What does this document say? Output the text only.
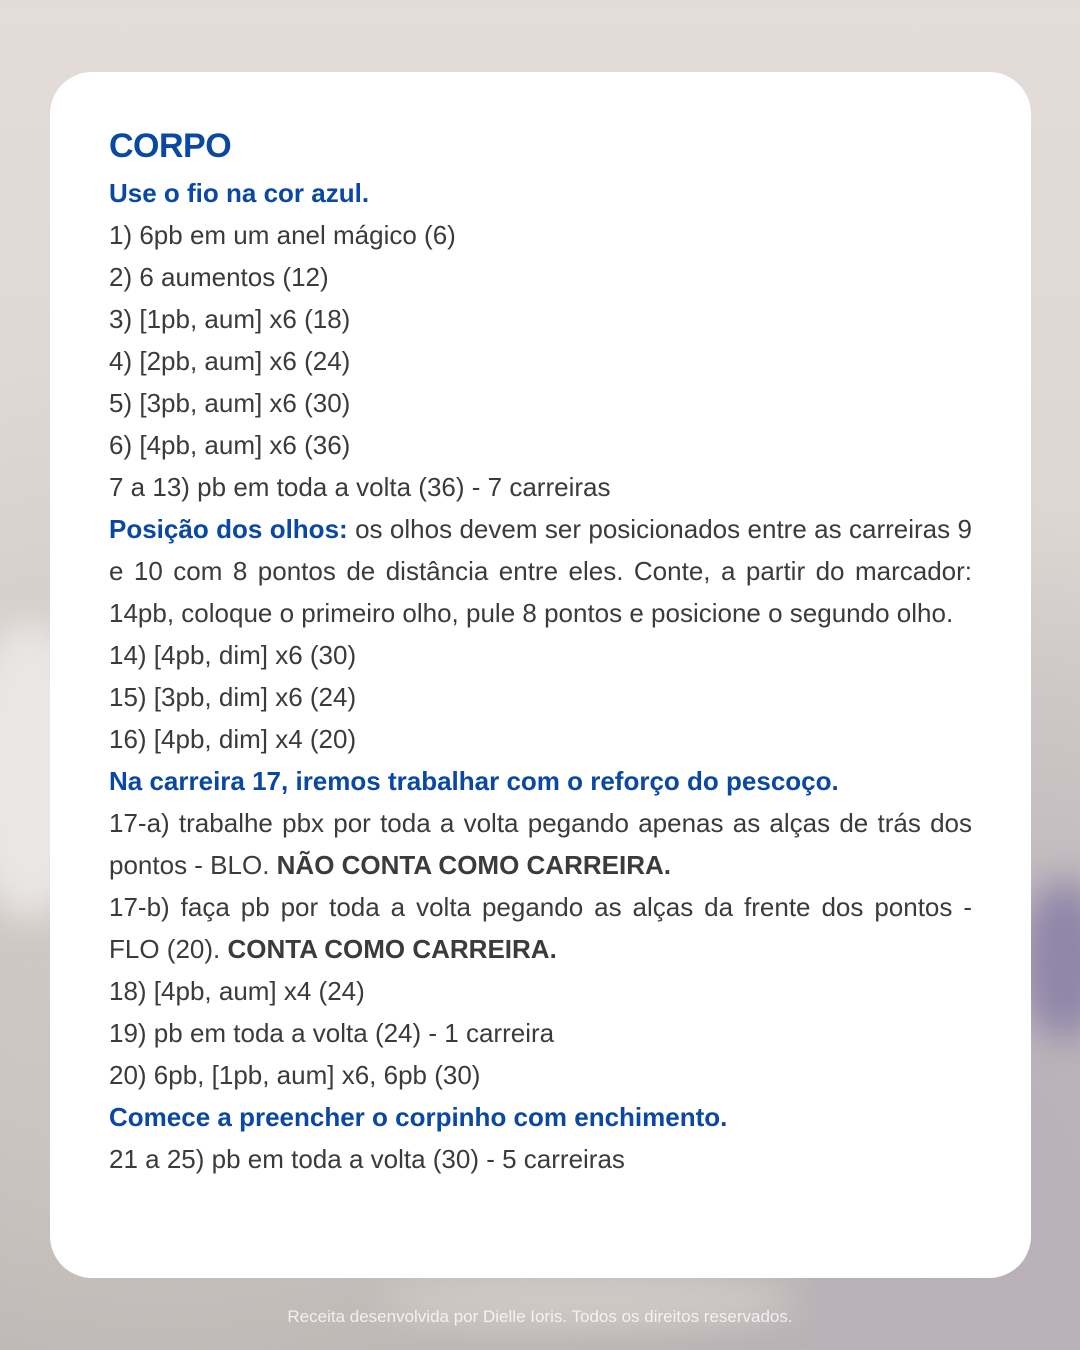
CORPO

Use o fio na cor azul.

1) 6pb em um anel mágico (6)

2) 6 aumentos (12)

3) [1pb, aum] x6 (18)

4) [2pb, aum] x6 (24)

5) [3pb, aum] x6 (30)

6) [4pb, aum] x6 (36)

7 a 13) pb em toda a volta (36) - 7 carreiras

Posição dos olhos: os olhos devem ser posicionados entre as carreiras 9 e 10 com 8 pontos de distância entre eles. Conte, a partir do marcador: 14pb, coloque o primeiro olho, pule 8 pontos e posicione o segundo olho.

14) [4pb, dim] x6 (30)

15) [3pb, dim] x6 (24)

16) [4pb, dim] x4 (20)

Na carreira 17, iremos trabalhar com o reforço do pescoço.

17-a) trabalhe pbx por toda a volta pegando apenas as alças de trás dos pontos - BLO. NÃO CONTA COMO CARREIRA.

17-b) faça pb por toda a volta pegando as alças da frente dos pontos - FLO (20). CONTA COMO CARREIRA.

18) [4pb, aum] x4 (24)

19) pb em toda a volta (24) - 1 carreira

20) 6pb, [1pb, aum] x6, 6pb (30)

Comece a preencher o corpinho com enchimento.

21 a 25) pb em toda a volta (30) - 5 carreiras

Receita desenvolvida por Dielle Ioris. Todos os direitos reservados.
